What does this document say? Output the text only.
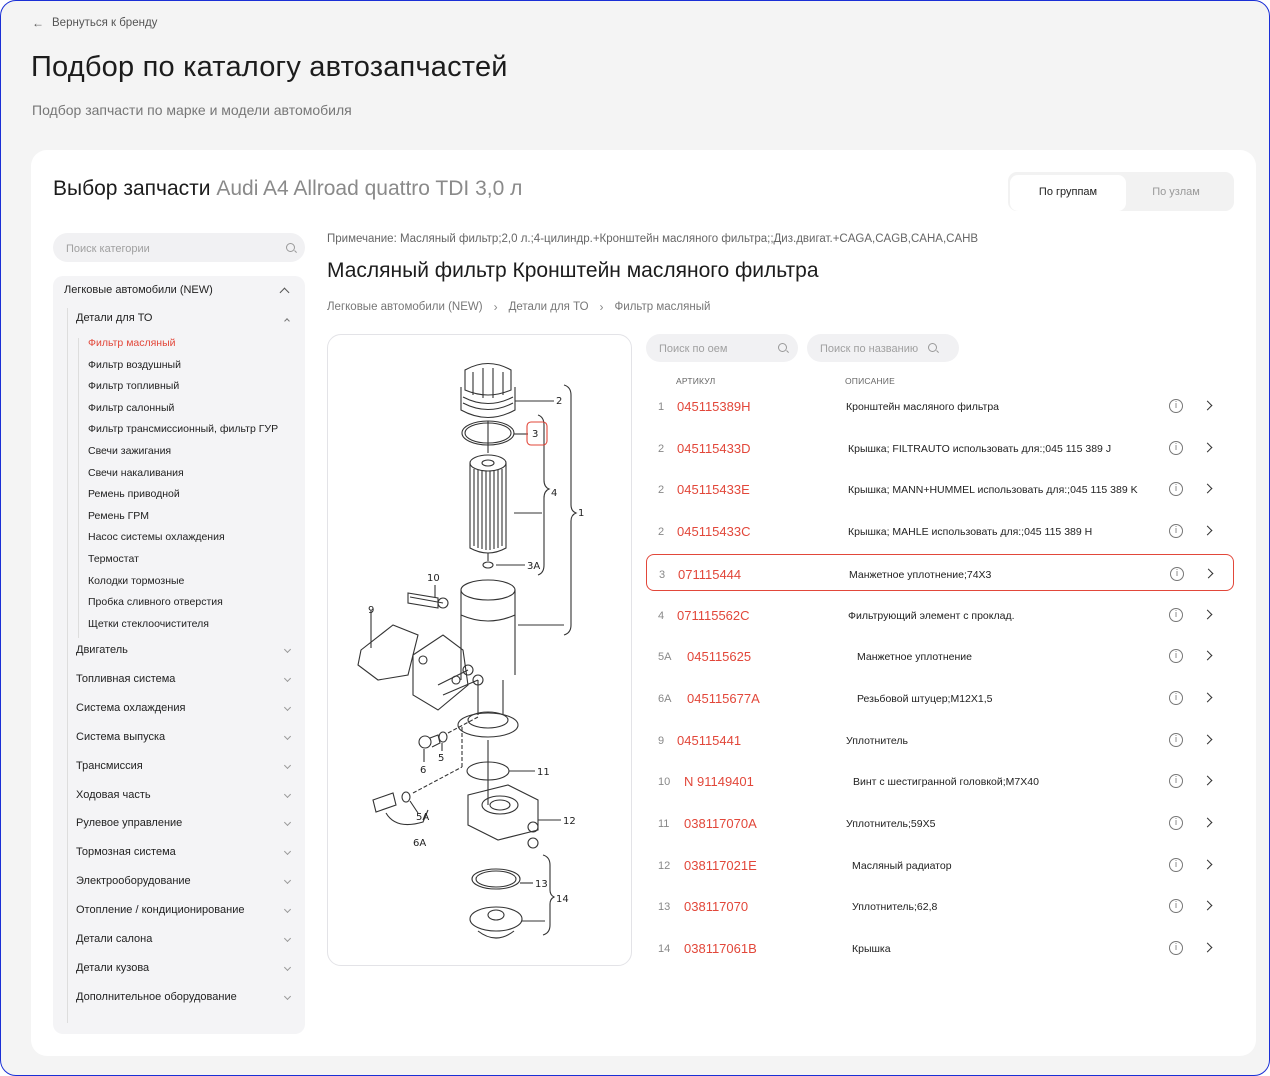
← Вернуться к бренду
Подбор по каталогу автозапчастей
Подбор запчасти по марке и модели автомобиля
Выбор запчасти Audi A4 Allroad quattro TDI 3,0 л	По группам	По узлам
Поиск категории
Легковые автомобили (NEW)
Детали для ТО
Фильтр масляный
Фильтр воздушный
Фильтр топливный
Фильтр салонный
Фильтр трансмиссионный, фильтр ГУР
Свечи зажигания
Свечи накаливания
Ремень приводной
Ремень ГРМ
Насос системы охлаждения
Термостат
Колодки тормозные
Пробка сливного отверстия
Щетки стеклоочистителя
Двигатель
Топливная система
Система охлаждения
Система выпуска
Трансмиссия
Ходовая часть
Рулевое управление
Тормозная система
Электрооборудование
Отопление / кондиционирование
Детали салона
Детали кузова
Дополнительное оборудование
Примечание: Масляный фильтр;2,0 л.;4-цилиндр.+Кронштейн масляного фильтра;;Диз.двигат.+CAGA,CAGB,CAHA,CAHB
Масляный фильтр Кронштейн масляного фильтра
Легковые автомобили (NEW) › Детали для ТО › Фильтр масляный
1
2
3
3A
4
5
5A
6
6A
9
10
11
12
13
14
Поиск по оем
Поиск по названию
АРТИКУЛ	ОПИСАНИЕ
1 045115389H	Кронштейн масляного фильтра	i
2 045115433D	Крышка; FILTRAUTO использовать для:;045 115 389 J	i
2 045115433E	Крышка; MANN+HUMMEL использовать для:;045 115 389 K	i
2 045115433C	Крышка; MAHLE использовать для:;045 115 389 H	i
3 071115444	Манжетное уплотнение;74X3	i
4 071115562C	Фильтрующий элемент с проклад.	i
5A 045115625	Манжетное уплотнение	i
6A 045115677A	Резьбовой штуцер;M12X1,5	i
9 045115441	Уплотнитель	i
10 N 91149401	Винт с шестигранной головкой;M7X40	i
11 038117070A	Уплотнитель;59X5	i
12 038117021E	Масляный радиатор	i
13 038117070	Уплотнитель;62,8	i
14 038117061B	Крышка	i
